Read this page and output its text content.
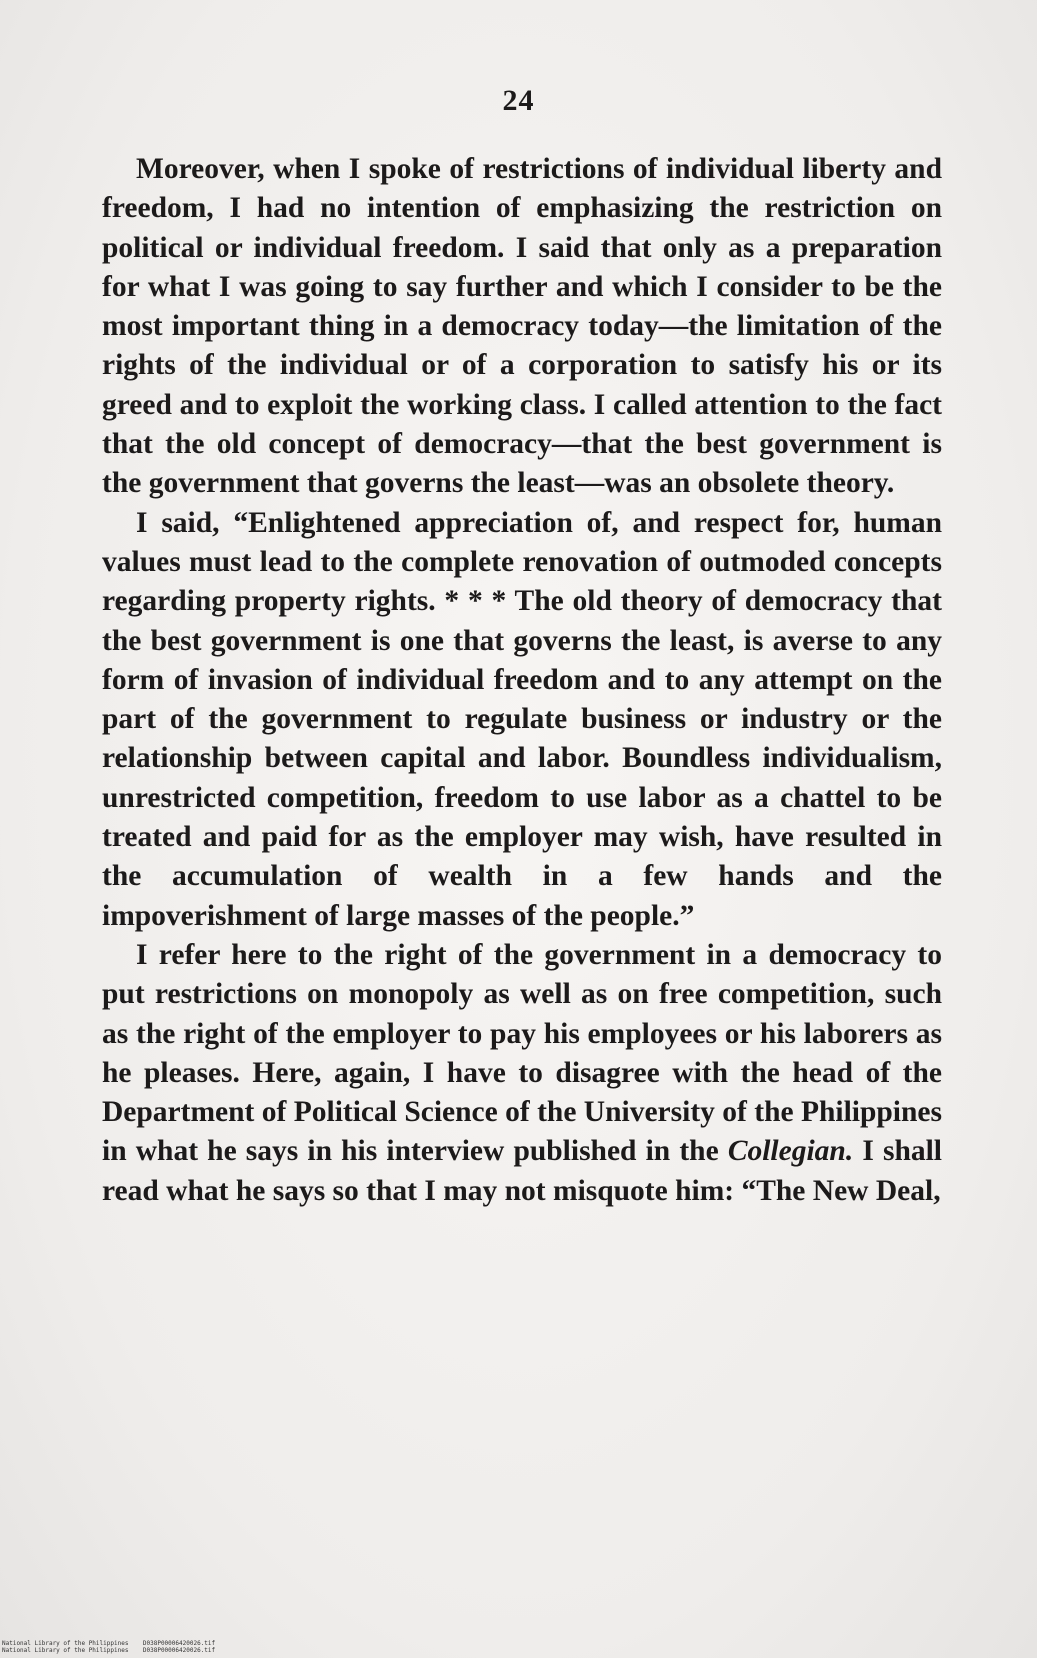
24

Moreover, when I spoke of restrictions of individual liberty and freedom, I had no intention of emphasizing the restriction on political or individual freedom. I said that only as a preparation for what I was going to say further and which I consider to be the most important thing in a democracy today—the limitation of the rights of the individual or of a corporation to satisfy his or its greed and to exploit the working class. I called attention to the fact that the old concept of democracy—that the best government is the government that governs the least—was an obsolete theory.

I said, “Enlightened appreciation of, and respect for, human values must lead to the complete renovation of outmoded concepts regarding property rights. * * * The old theory of democracy that the best government is one that governs the least, is averse to any form of invasion of individual freedom and to any attempt on the part of the government to regulate business or industry or the relationship between capital and labor. Boundless individualism, unrestricted competition, freedom to use labor as a chattel to be treated and paid for as the employer may wish, have resulted in the accumulation of wealth in a few hands and the impoverishment of large masses of the people.”

I refer here to the right of the government in a democracy to put restrictions on monopoly as well as on free competition, such as the right of the employer to pay his employees or his laborers as he pleases. Here, again, I have to disagree with the head of the Department of Political Science of the University of the Philippines in what he says in his interview published in the Collegian. I shall read what he says so that I may not misquote him: “The New Deal,

National Library of the Philippines    D038P00006420026.tif
National Library of the Philippines    D038P00006420026.tif
